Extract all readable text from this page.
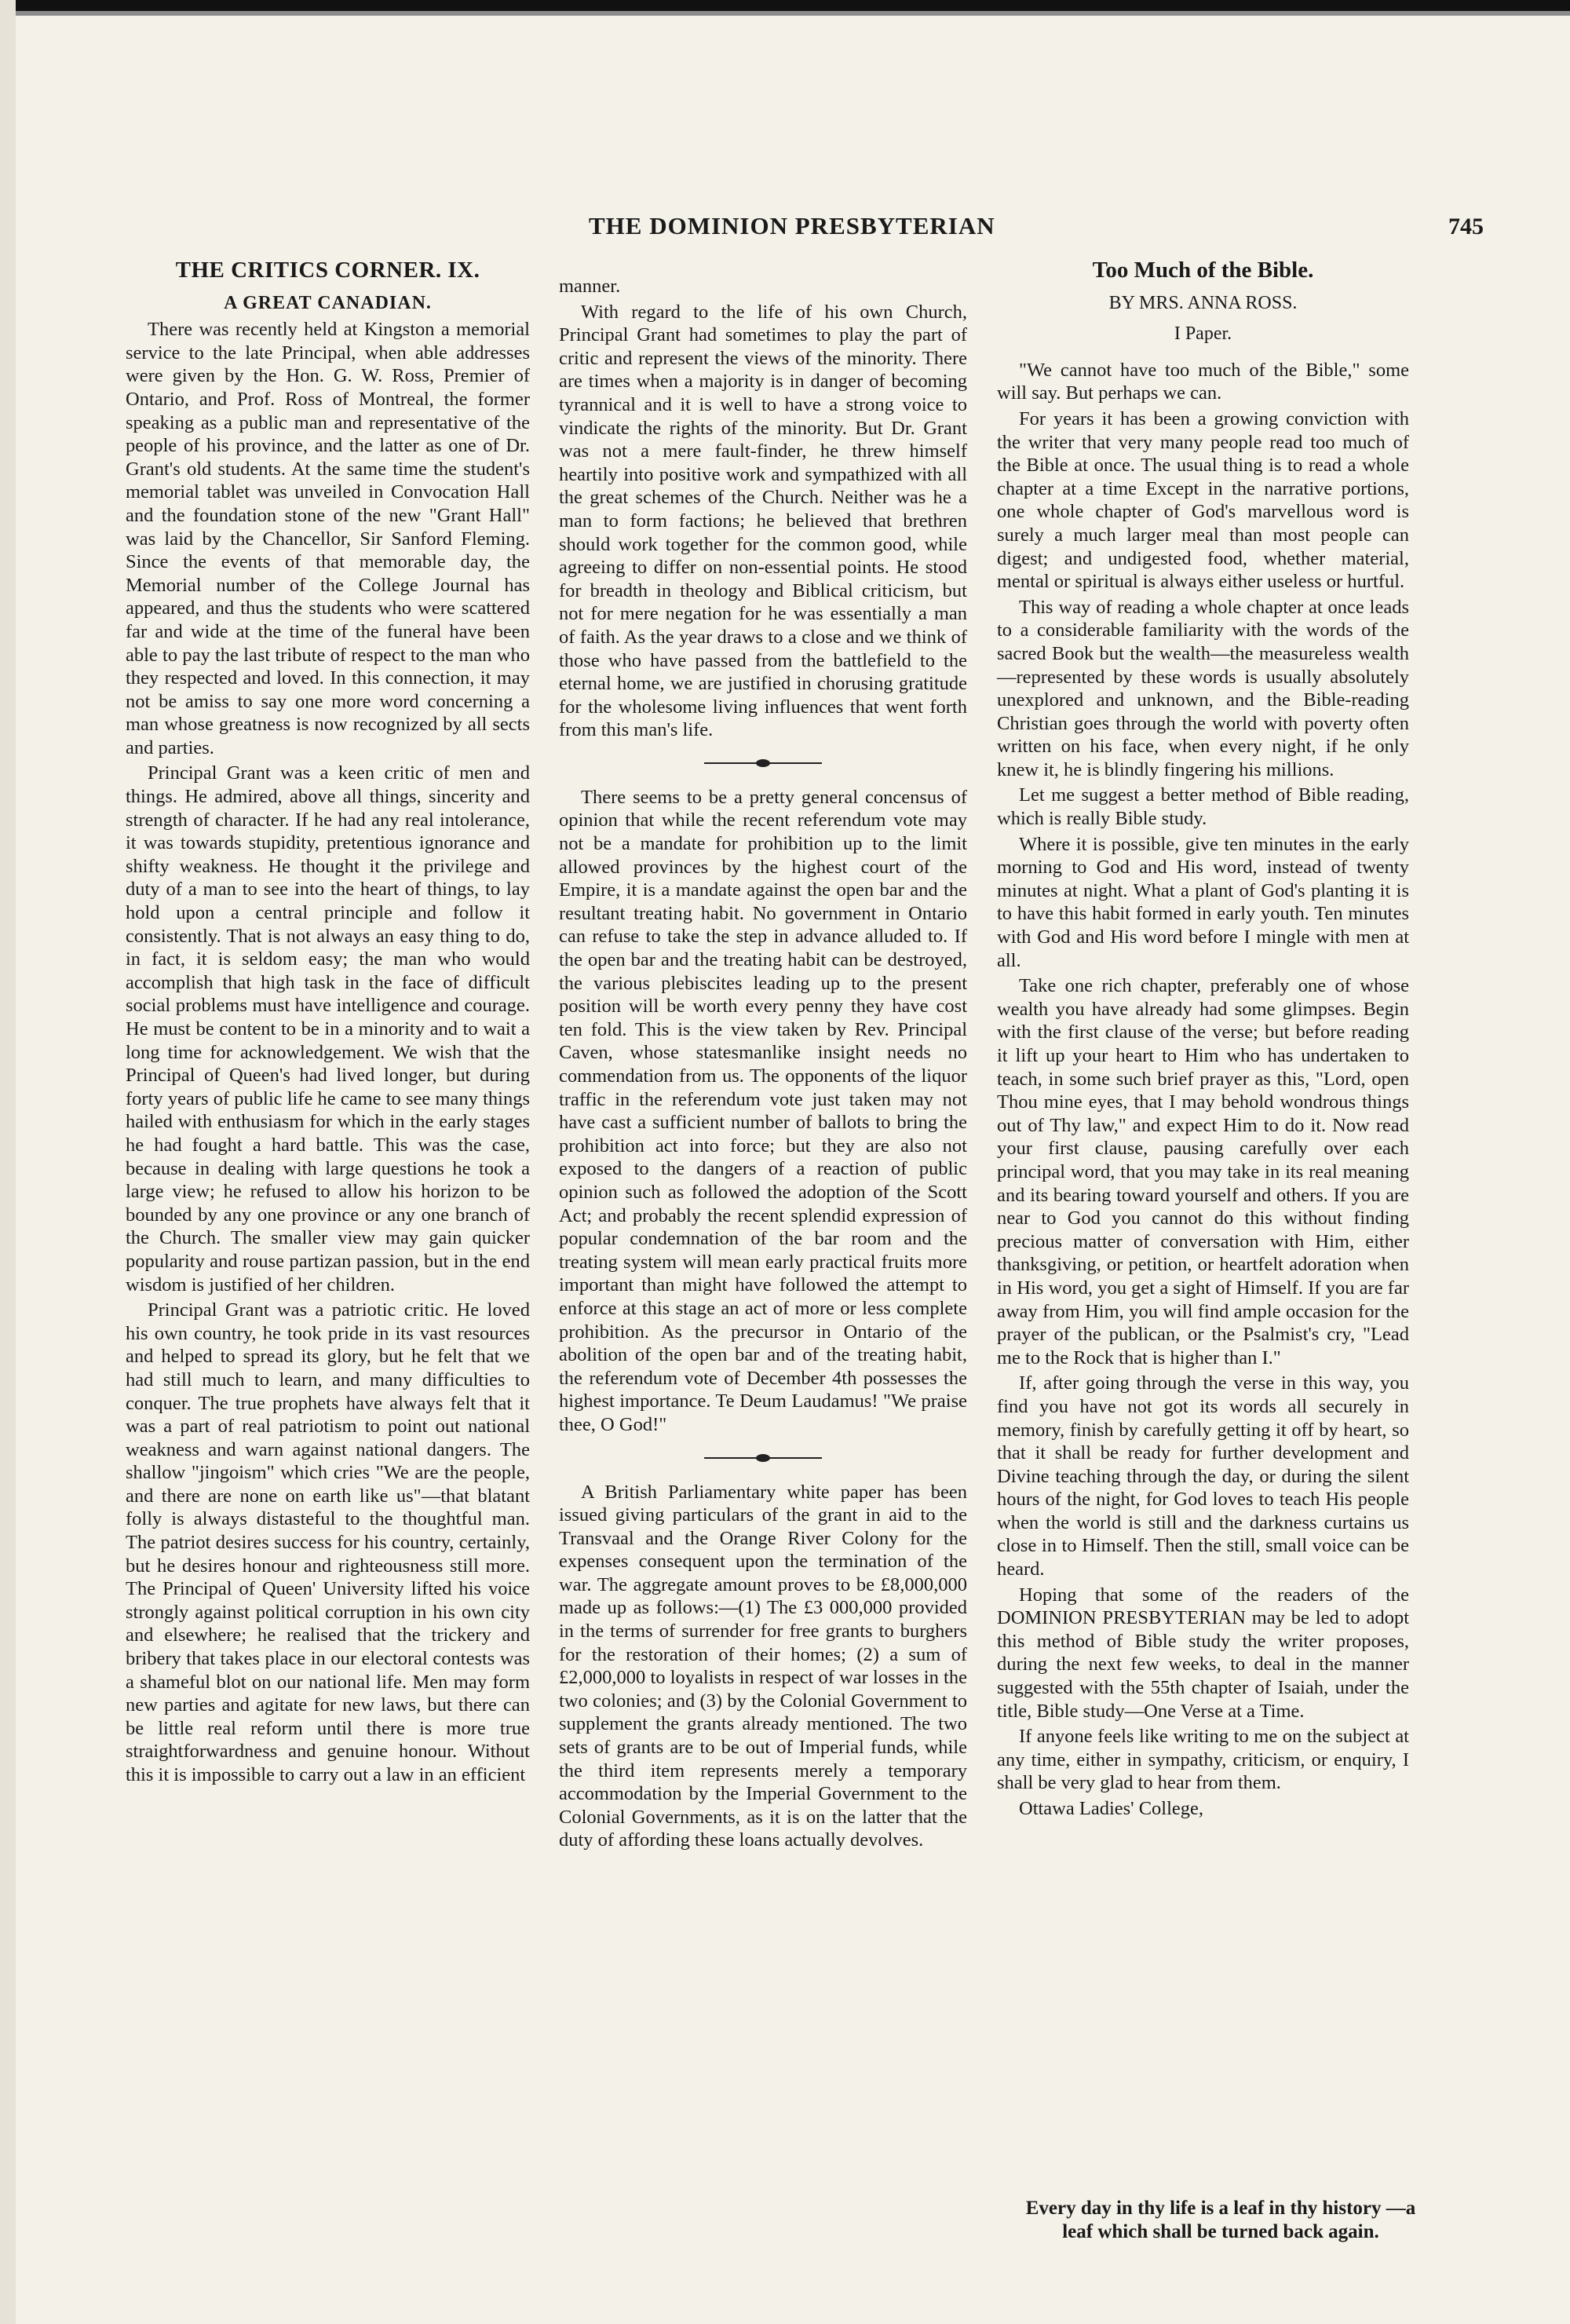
THE DOMINION PRESBYTERIAN	745
THE CRITICS CORNER. IX.
A GREAT CANADIAN.

There was recently held at Kingston a memorial service to the late Principal, when able addresses were given by the Hon. G. W. Ross, Premier of Ontario, and Prof. Ross of Montreal, the former speaking as a public man and representative of the people of his province, and the latter as one of Dr. Grant's old students. At the same time the student's memorial tablet was unveiled in Convocation Hall and the foundation stone of the new "Grant Hall" was laid by the Chancellor, Sir Sanford Fleming. Since the events of that memorable day, the Memorial number of the College Journal has appeared, and thus the students who were scattered far and wide at the time of the funeral have been able to pay the last tribute of respect to the man who they respected and loved. In this connection, it may not be amiss to say one more word concerning a man whose greatness is now recognized by all sects and parties.

Principal Grant was a keen critic of men and things. He admired, above all things, sincerity and strength of character. If he had any real intolerance, it was towards stupidity, pretentious ignorance and shifty weakness. He thought it the privilege and duty of a man to see into the heart of things, to lay hold upon a central principle and follow it consistently. That is not always an easy thing to do, in fact, it is seldom easy; the man who would accomplish that high task in the face of difficult social problems must have intelligence and courage. He must be content to be in a minority and to wait a long time for acknowledgement. We wish that the Principal of Queen's had lived longer, but during forty years of public life he came to see many things hailed with enthusiasm for which in the early stages he had fought a hard battle. This was the case, because in dealing with large questions he took a large view; he refused to allow his horizon to be bounded by any one province or any one branch of the Church. The smaller view may gain quicker popularity and rouse partizan passion, but in the end wisdom is justified of her children.

Principal Grant was a patriotic critic. He loved his own country, he took pride in its vast resources and helped to spread its glory, but he felt that we had still much to learn, and many difficulties to conquer. The true prophets have always felt that it was a part of real patriotism to point out national weakness and warn against national dangers. The shallow "jingoism" which cries "We are the people, and there are none on earth like us"—that blatant folly is always distasteful to the thoughtful man. The patriot desires success for his country, certainly, but he desires honour and righteousness still more. The Principal of Queen' University lifted his voice strongly against political corruption in his own city and elsewhere; he realised that the trickery and bribery that takes place in our electoral contests was a shameful blot on our national life. Men may form new parties and agitate for new laws, but there can be little real reform until there is more true straightforwardness and genuine honour. Without this it is impossible to carry out a law in an efficient

manner.

With regard to the life of his own Church, Principal Grant had sometimes to play the part of critic and represent the views of the minority. There are times when a majority is in danger of becoming tyrannical and it is well to have a strong voice to vindicate the rights of the minority. But Dr. Grant was not a mere fault-finder, he threw himself heartily into positive work and sympathized with all the great schemes of the Church. Neither was he a man to form factions; he believed that brethren should work together for the common good, while agreeing to differ on non-essential points. He stood for breadth in theology and Biblical criticism, but not for mere negation for he was essentially a man of faith. As the year draws to a close and we think of those who have passed from the battlefield to the eternal home, we are justified in chorusing gratitude for the wholesome living influences that went forth from this man's life.

There seems to be a pretty general concensus of opinion that while the recent referendum vote may not be a mandate for prohibition up to the limit allowed provinces by the highest court of the Empire, it is a mandate against the open bar and the resultant treating habit. No government in Ontario can refuse to take the step in advance alluded to. If the open bar and the treating habit can be destroyed, the various plebiscites leading up to the present position will be worth every penny they have cost ten fold. This is the view taken by Rev. Principal Caven, whose statesmanlike insight needs no commendation from us. The opponents of the liquor traffic in the referendum vote just taken may not have cast a sufficient number of ballots to bring the prohibition act into force; but they are also not exposed to the dangers of a reaction of public opinion such as followed the adoption of the Scott Act; and probably the recent splendid expression of popular condemnation of the bar room and the treating system will mean early practical fruits more important than might have followed the attempt to enforce at this stage an act of more or less complete prohibition. As the precursor in Ontario of the abolition of the open bar and of the treating habit, the referendum vote of December 4th possesses the highest importance. Te Deum Laudamus! "We praise thee, O God!"

A British Parliamentary white paper has been issued giving particulars of the grant in aid to the Transvaal and the Orange River Colony for the expenses consequent upon the termination of the war. The aggregate amount proves to be £8,000,000 made up as follows:—(1) The £3 000,000 provided in the terms of surrender for free grants to burghers for the restoration of their homes; (2) a sum of £2,000,000 to loyalists in respect of war losses in the two colonies; and (3) by the Colonial Government to supplement the grants already mentioned. The two sets of grants are to be out of Imperial funds, while the third item represents merely a temporary accommodation by the Imperial Government to the Colonial Governments, as it is on the latter that the duty of affording these loans actually devolves.

Too Much of the Bible.
BY MRS. ANNA ROSS.
I Paper.

"We cannot have too much of the Bible," some will say. But perhaps we can.

For years it has been a growing conviction with the writer that very many people read too much of the Bible at once. The usual thing is to read a whole chapter at a time Except in the narrative portions, one whole chapter of God's marvellous word is surely a much larger meal than most people can digest; and undigested food, whether material, mental or spiritual is always either useless or hurtful.

This way of reading a whole chapter at once leads to a considerable familiarity with the words of the sacred Book but the wealth—the measureless wealth—represented by these words is usually absolutely unexplored and unknown, and the Bible-reading Christian goes through the world with poverty often written on his face, when every night, if he only knew it, he is blindly fingering his millions.

Let me suggest a better method of Bible reading, which is really Bible study.

Where it is possible, give ten minutes in the early morning to God and His word, instead of twenty minutes at night. What a plant of God's planting it is to have this habit formed in early youth. Ten minutes with God and His word before I mingle with men at all.

Take one rich chapter, preferably one of whose wealth you have already had some glimpses. Begin with the first clause of the verse; but before reading it lift up your heart to Him who has undertaken to teach, in some such brief prayer as this, "Lord, open Thou mine eyes, that I may behold wondrous things out of Thy law," and expect Him to do it. Now read your first clause, pausing carefully over each principal word, that you may take in its real meaning and its bearing toward yourself and others. If you are near to God you cannot do this without finding precious matter of conversation with Him, either thanksgiving, or petition, or heartfelt adoration when in His word, you get a sight of Himself. If you are far away from Him, you will find ample occasion for the prayer of the publican, or the Psalmist's cry, "Lead me to the Rock that is higher than I."

If, after going through the verse in this way, you find you have not got its words all securely in memory, finish by carefully getting it off by heart, so that it shall be ready for further development and Divine teaching through the day, or during the silent hours of the night, for God loves to teach His people when the world is still and the darkness curtains us close in to Himself. Then the still, small voice can be heard.

Hoping that some of the readers of the DOMINION PRESBYTERIAN may be led to adopt this method of Bible study the writer proposes, during the next few weeks, to deal in the manner suggested with the 55th chapter of Isaiah, under the title, Bible study—One Verse at a Time.

If anyone feels like writing to me on the subject at any time, either in sympathy, criticism, or enquiry, I shall be very glad to hear from them.

Ottawa Ladies' College,

Every day in thy life is a leaf in thy history —a leaf which shall be turned back again.
